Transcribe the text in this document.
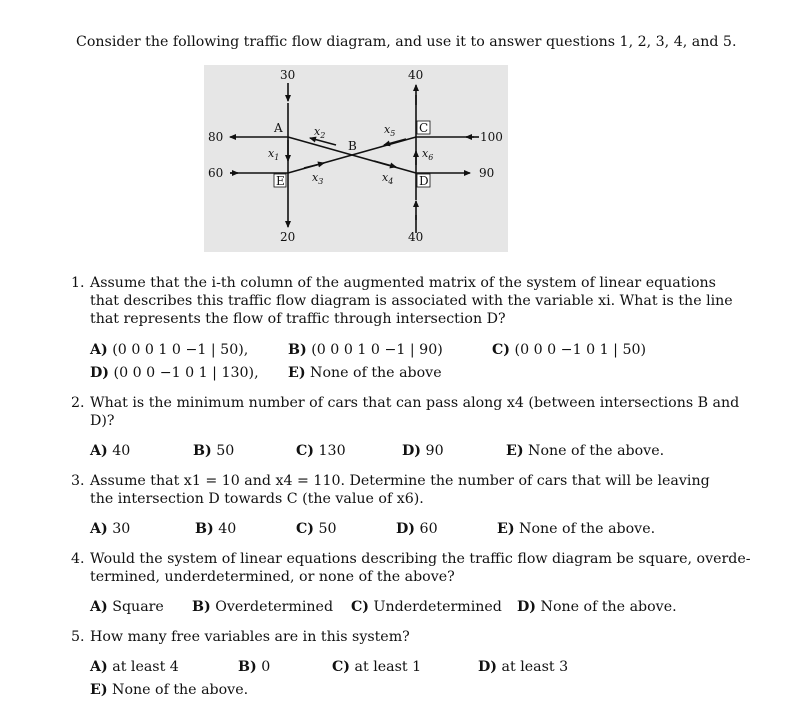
Consider the following traffic flow diagram, and use it to answer questions 1, 2, 3, 4, and 5.
30	40
80
60
100
90
20	40
A
B
C
D
E
$x_1$
$x_2$
$x_3$	$x_4$
$x_5$
$x_6$
1. Assume that the i-th column of the augmented matrix of the system of linear equations
that describes this traffic flow diagram is associated with the variable xi. What is the line
that represents the flow of traffic through intersection D?
A) (0 0 0 1 0 −1 | 50),	B) (0 0 0 1 0 −1 | 90)	C) (0 0 0 −1 0 1 | 50)
D) (0 0 0 −1 0 1 | 130), E) None of the above
2. What is the minimum number of cars that can pass along x4 (between intersections B and
D)?
A) 40	B) 50	C) 130	D) 90	E) None of the above.
3. Assume that x1 = 10 and x4 = 110. Determine the number of cars that will be leaving
the intersection D towards C (the value of x6).
A) 30	B) 40	C) 50	D) 60	E) None of the above.
4. Would the system of linear equations describing the traffic flow diagram be square, overde-
termined, underdetermined, or none of the above?
A) Square B) Overdetermined C) Underdetermined D) None of the above.
5. How many free variables are in this system?
A) at least 4	B) 0	C) at least 1	D) at least 3
E) None of the above.
